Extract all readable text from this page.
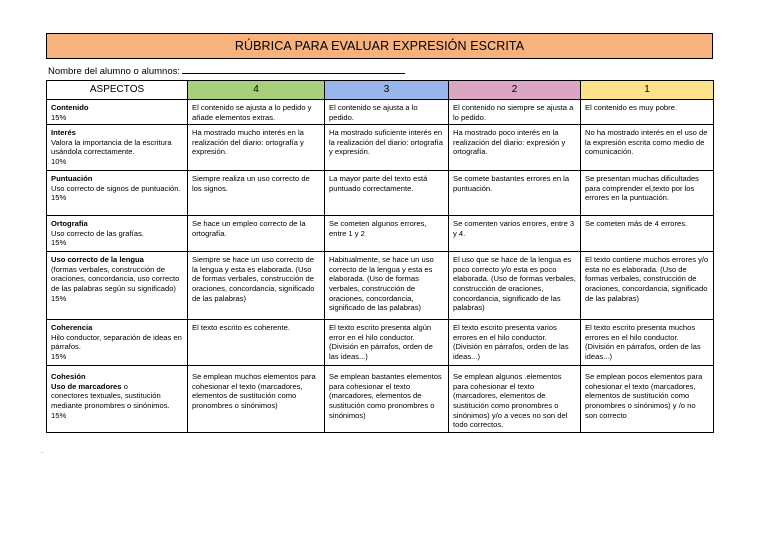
RÚBRICA PARA EVALUAR EXPRESIÓN ESCRITA
Nombre del alumno o alumnos:
ASPECTOS	4	3	2	1

Contenido
15%	El contenido se ajusta a lo pedido y añade elementos extras.	El contenido se ajusta a lo pedido.	El contenido no siempre se ajusta a lo pedido.	El contenido es muy pobre.

Interés
Valora la importancia de la escritura usándola correctamente.
10%	Ha mostrado mucho interés en la realización del diario: ortografía y expresión.	Ha mostrado suficiente interés en la realización del diario: ortografía y expresión.	Ha mostrado poco interés en la realización del diario: expresión y ortografía.	No ha mostrado interés en el uso de la expresión escrita como medio de comunicación.

Puntuación
Uso correcto de signos de puntuación.
15%	Siempre realiza un uso correcto de los signos.	La mayor parte del texto está puntuado correctamente.	Se comete bastantes errores en la puntuación.	Se presentan muchas dificultades para comprender el,texto por los errores en la puntuación.

Ortografía
Uso correcto de las grafías.
15%	Se hace un empleo correcto de la ortografía.	Se cometen algunos errores, entre 1 y 2	Se comenten varios errores, entre 3 y 4.	Se cometen más de 4 errores.

Uso correcto de la lengua
(formas verbales, construcción de oraciones, concordancia, uso correcto de las palabras según su significado)
15%	Siempre se hace un uso correcto de la lengua y esta es elaborada. (Uso de formas verbales, construcción de oraciones, concordancia, significado de las palabras)	Habitualmente, se hace un uso correcto de la lengua y esta es elaborada. (Uso de formas verbales, construcción de oraciones, concordancia, significado de las palabras)	El uso que se hace de la lengua es poco correcto y/o esta es poco elaborada. (Uso de formas verbales, construcción de oraciones, concordancia, significado de las palabras)	El texto contiene muchos errores y/o esta no es elaborada. (Uso de formas verbales, construcción de oraciones, concordancia, significado de las palabras)

Coherencia
Hilo conductor, separación de ideas en párrafos.
15%	El texto escrito es coherente.	El texto escrito presenta algún error en el hilo conductor. (División en párrafos, orden de las ideas...)	El texto escrito presenta varios errores en el hilo conductor. (División en párrafos, orden de las ideas...)	El texto escrito presenta muchos errores en el hilo conductor. (División en párrafos, orden de las ideas...)

Cohesión
Uso de marcadores o
conectores textuales, sustitución mediante pronombres o sinónimos.
15%	Se emplean muchos elementos para cohesionar el texto (marcadores, elementos de sustitución como pronombres o sinónimos)	Se emplean bastantes elementos para cohesionar el texto (marcadores, elementos de sustitución como pronombres o sinónimos)	Se emplean algunos .elementos para cohesionar el texto (marcadores, elementos de sustitución como pronombres o sinónimos) y/o a veces no son del todo correctos.	Se emplean pocos elementos para cohesionar el texto (marcadores, elementos de sustitución como pronombres o sinónimos) y /o no son correcto
·
